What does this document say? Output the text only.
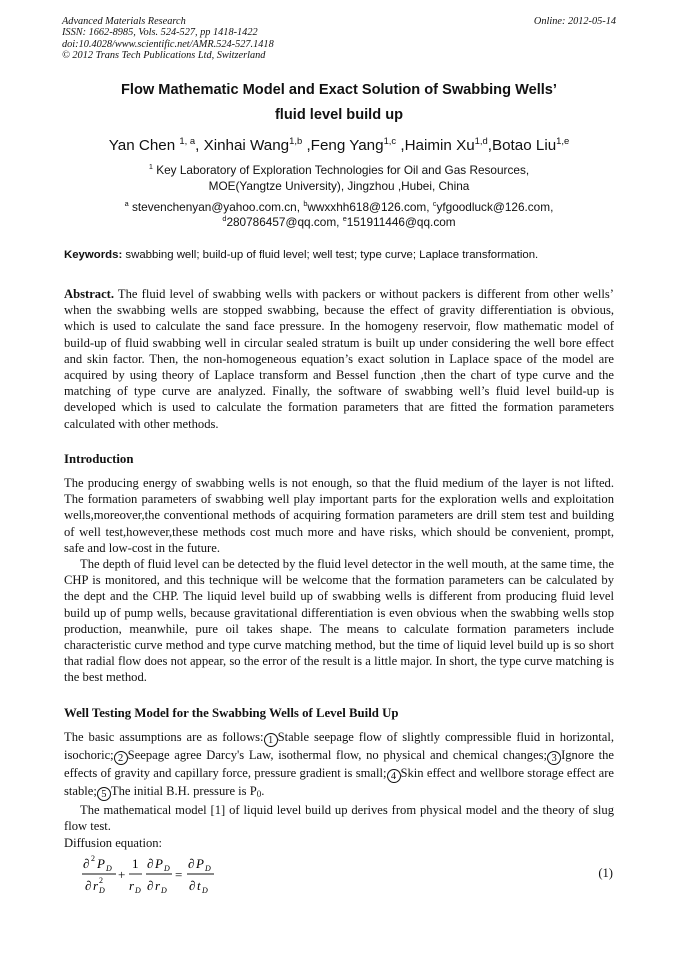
Advanced Materials Research
ISSN: 1662-8985, Vols. 524-527, pp 1418-1422
doi:10.4028/www.scientific.net/AMR.524-527.1418
© 2012 Trans Tech Publications Ltd, Switzerland
Online: 2012-05-14
Flow Mathematic Model and Exact Solution of Swabbing Wells’
fluid level build up
Yan Chen $^{1, a}$, Xinhai Wang$^{1,b}$ ,Feng Yang$^{1,c}$ ,Haimin Xu$^{1,d}$,Botao Liu$^{1,e}$
$^1$ Key Laboratory of Exploration Technologies for Oil and Gas Resources,
MOE(Yangtze University), Jingzhou ,Hubei, China
$^a$ stevenchenyan@yahoo.com.cn, $^b$wwxxhh618@126.com, $^c$yfgoodluck@126.com,
$^d$280786457@qq.com, $^e$151911446@qq.com
Keywords: swabbing well; build-up of fluid level; well test; type curve; Laplace transformation.

Abstract. The fluid level of swabbing wells with packers or without packers is different from other wells’ when the swabbing wells are stopped swabbing, because the effect of gravity differentiation is obvious, which is used to calculate the sand face pressure. In the homogeny reservoir, flow mathematic model of build-up of fluid swabbing well in circular sealed stratum is built up under considering the well bore effect and skin factor. Then, the non-homogeneous equation’s exact solution in Laplace space of the model are acquired by using theory of Laplace transform and Bessel function ,then the chart of type curve and the matching of type curve are analyzed. Finally, the software of swabbing well’s fluid level build-up is developed which is used to calculate the formation parameters that are fitted the formation parameters calculated with other methods.

Introduction

The producing energy of swabbing wells is not enough, so that the fluid medium of the layer is not lifted. The formation parameters of swabbing well play important parts for the exploration wells and exploitation wells,moreover,the conventional methods of acquiring formation parameters are drill stem test and building of well test,however,these methods cost much more and have risks, which should be convenient, prompt, safe and low-cost in the future.

The depth of fluid level can be detected by the fluid level detector in the well mouth, at the same time, the CHP is monitored, and this technique will be welcome that the formation parameters can be calculated by the dept and the CHP. The liquid level build up of swabbing wells is different from producing fluid level build up of pump wells, because gravitational differentiation is even obvious when the swabbing wells stop production, meanwhile, pure oil takes shape. The means to calculate formation parameters include characteristic curve method and type curve matching method, but the time of liquid level build up is so short that radial flow does not appear, so the error of the result is a little major. In short, the type curve matching is the best method.

Well Testing Model for the Swabbing Wells of Level Build Up

The basic assumptions are as follows: 1 Stable seepage flow of slightly compressible fluid in horizontal, isochoric; 2 Seepage agree Darcy's Law, isothermal flow, no physical and chemical changes; 3 Ignore the effects of gravity and capillary force, pressure gradient is small; 4 Skin effect and wellbore storage effect are stable; 5 The initial B.H. pressure is $P_0$.

The mathematical model [1] of liquid level build up derives from physical model and the theory of slug flow test.

Diffusion equation:

∂ 2 P D
∂ r 2
D
+
1
r D
∂ P D
∂ r D
=
∂ P D
∂ t D
(1)
